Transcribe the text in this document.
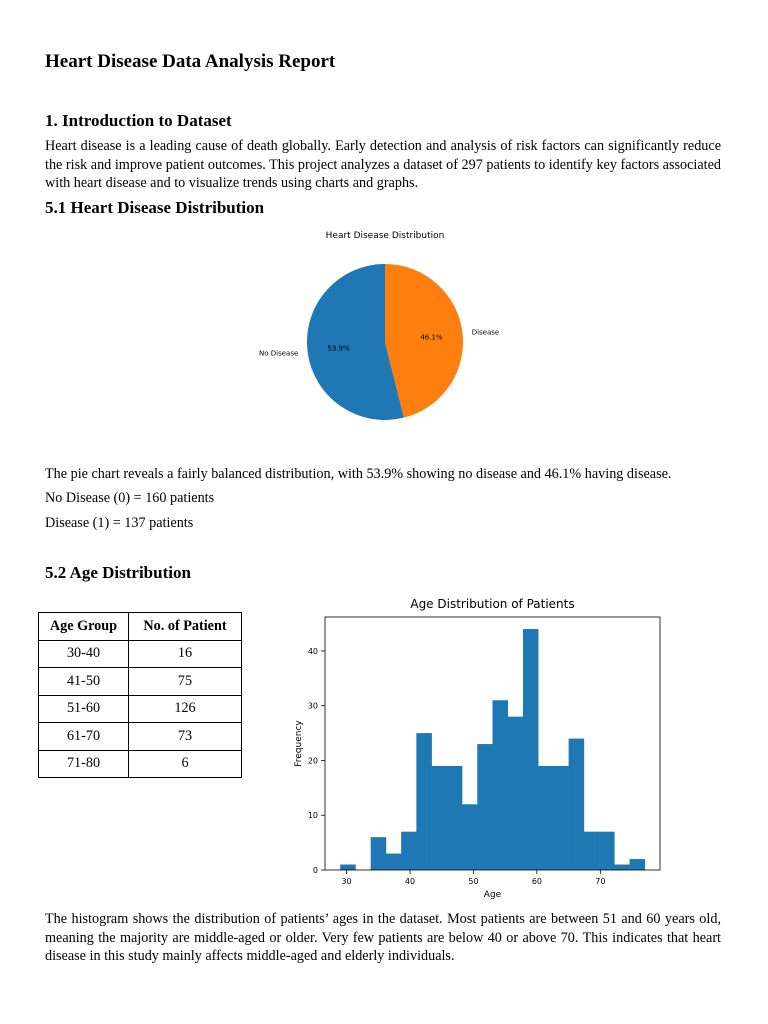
Heart Disease Data Analysis Report
1. Introduction to Dataset
Heart disease is a leading cause of death globally. Early detection and analysis of risk factors can significantly reduce the risk and improve patient outcomes. This project analyzes a dataset of 297 patients to identify key factors associated with heart disease and to visualize trends using charts and graphs.
5.1 Heart Disease Distribution
Heart Disease Distribution
53.9%
No Disease
46.1%
Disease
The pie chart reveals a fairly balanced distribution, with 53.9% showing no disease and 46.1% having disease.
No Disease (0) = 160 patients
Disease (1) = 137 patients
5.2 Age Distribution
Age Group	No. of Patient
30-40	16
41-50	75
51-60	126
61-70	73
71-80	6
Age Distribution of Patients
30	40	50	60	70
0
10
20
30
40
Age
Frequency
The histogram shows the distribution of patients’ ages in the dataset. Most patients are between 51 and 60 years old, meaning the majority are middle-aged or older. Very few patients are below 40 or above 70. This indicates that heart disease in this study mainly affects middle-aged and elderly individuals.
